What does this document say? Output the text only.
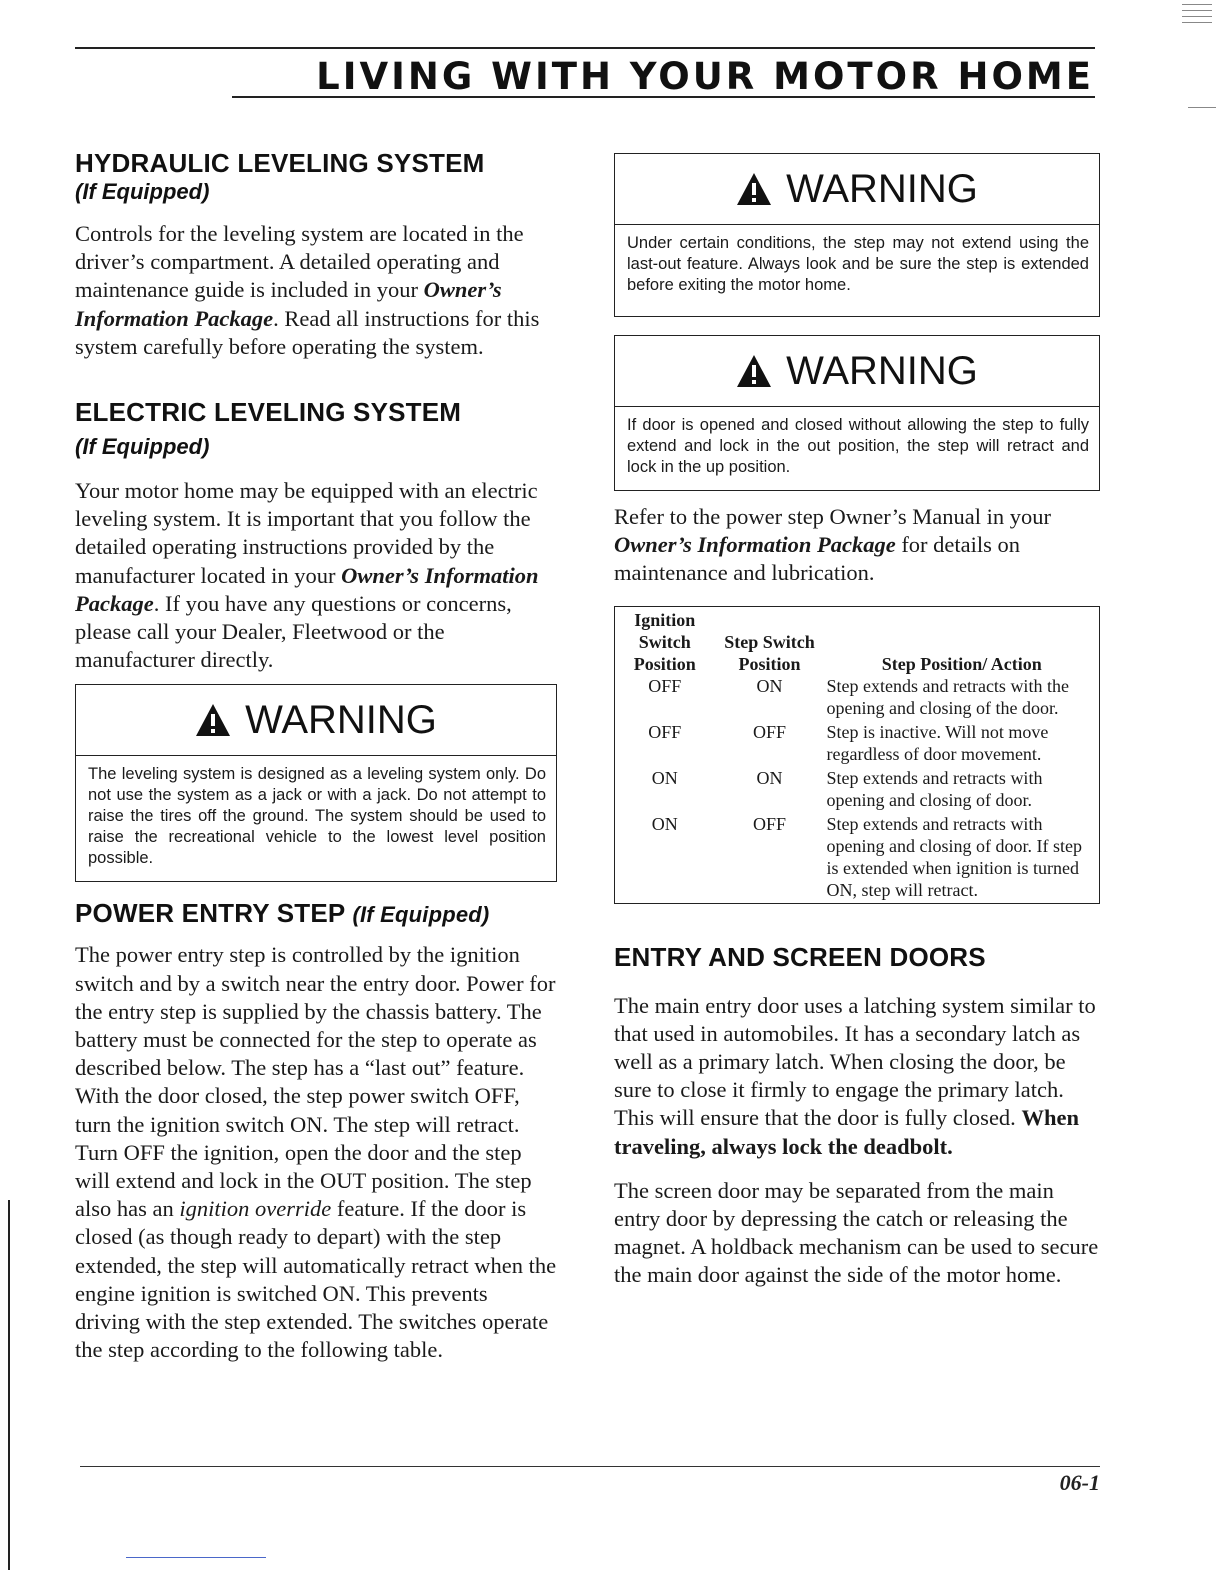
LIVING WITH YOUR MOTOR HOME
HYDRAULIC LEVELING SYSTEM
(If Equipped)

Controls for the leveling system are located in the driver’s compartment. A detailed operating and maintenance guide is included in your Owner’s Information Package. Read all instructions for this system carefully before operating the system.

ELECTRIC LEVELING SYSTEM
(If Equipped)

Your motor home may be equipped with an electric leveling system. It is important that you follow the detailed operating instructions provided by the manufacturer located in your Owner’s Information Package. If you have any questions or concerns, please call your Dealer, Fleetwood or the manufacturer directly.

WARNING
The leveling system is designed as a leveling system only. Do not use the system as a jack or with a jack. Do not attempt to raise the tires off the ground. The system should be used to raise the recreational vehicle to the lowest level position possible.
POWER ENTRY STEP (If Equipped)

The power entry step is controlled by the ignition switch and by a switch near the entry door. Power for the entry step is supplied by the chassis battery. The battery must be connected for the step to operate as described below. The step has a “last out” feature. With the door closed, the step power switch OFF, turn the ignition switch ON. The step will retract. Turn OFF the ignition, open the door and the step will extend and lock in the OUT position. The step also has an ignition override feature. If the door is closed (as though ready to depart) with the step extended, the step will automatically retract when the engine ignition is switched ON. This prevents driving with the step extended. The switches operate the step according to the following table.

WARNING
Under certain conditions, the step may not extend using the last-out feature. Always look and be sure the step is extended before exiting the motor home.
WARNING
If door is opened and closed without allowing the step to fully extend and lock in the out position, the step will retract and lock in the up position.

Refer to the power step Owner’s Manual in your Owner’s Information Package for details on maintenance and lubrication.

Ignition Switch Position	Step Switch Position	Step Position/ Action
OFF	ON	Step extends and retracts with the opening and closing of the door.
OFF	OFF	Step is inactive. Will not move regardless of door movement.
ON	ON	Step extends and retracts with opening and closing of door.
ON	OFF	Step extends and retracts with opening and closing of door. If step is extended when ignition is turned ON, step will retract.
ENTRY AND SCREEN DOORS

The main entry door uses a latching system similar to that used in automobiles. It has a secondary latch as well as a primary latch. When closing the door, be sure to close it firmly to engage the primary latch. This will ensure that the door is fully closed. When traveling, always lock the deadbolt.

The screen door may be separated from the main entry door by depressing the catch or releasing the magnet. A holdback mechanism can be used to secure the main door against the side of the motor home.

06-1
